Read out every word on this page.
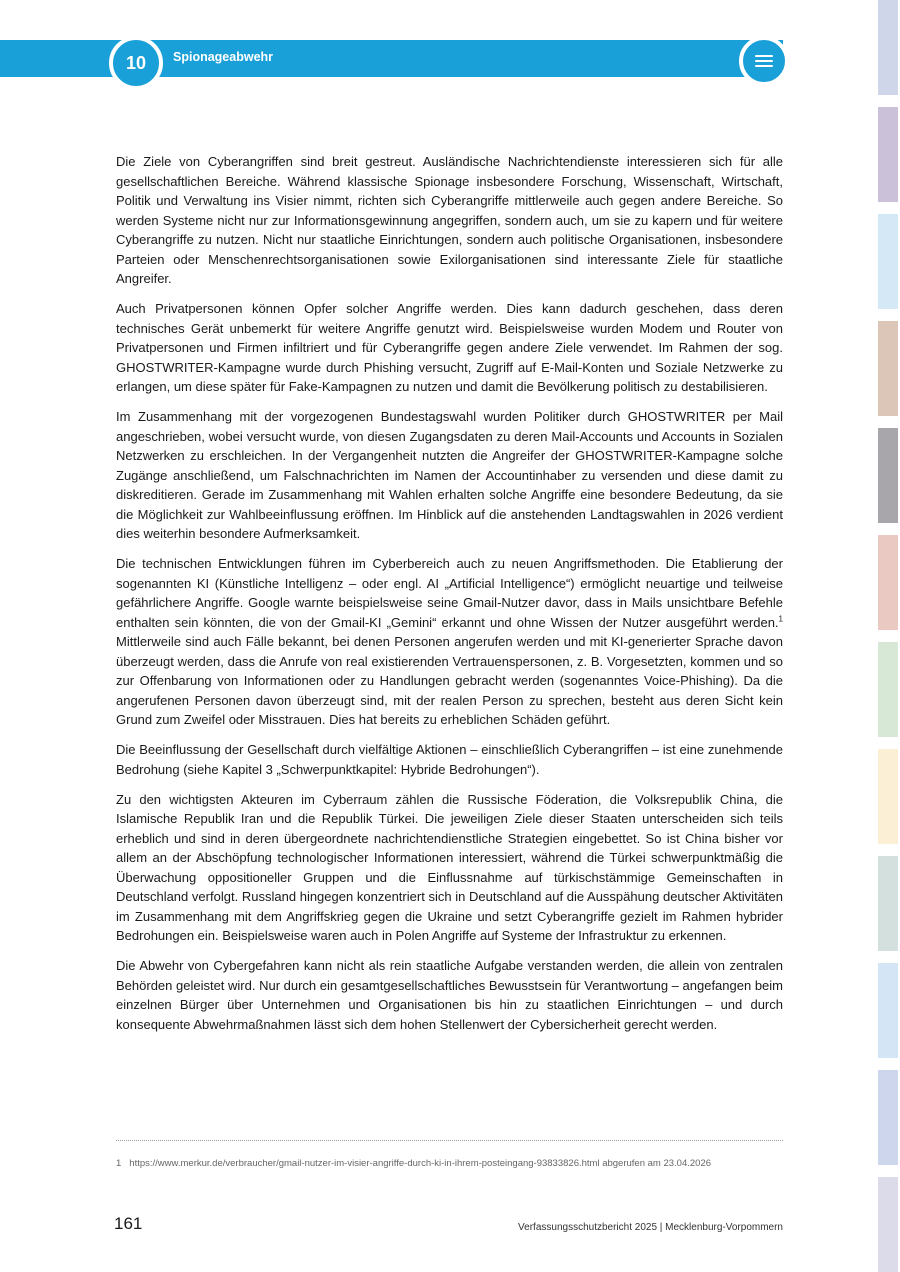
10	Spionageabwehr

Die Ziele von Cyberangriffen sind breit gestreut. Ausländische Nachrichtendienste interessieren sich für alle gesellschaftlichen Bereiche. Während klassische Spionage insbesondere Forschung, Wissenschaft, Wirtschaft, Politik und Verwaltung ins Visier nimmt, richten sich Cyberangriffe mittlerweile auch gegen andere Bereiche. So werden Systeme nicht nur zur Informationsgewinnung angegriffen, sondern auch, um sie zu kapern und für weitere Cyberangriffe zu nutzen. Nicht nur staatliche Einrichtungen, sondern auch politische Organisationen, insbesondere Parteien oder Menschenrechtsorganisationen sowie Exilorganisationen sind interessante Ziele für staatliche Angreifer.

Auch Privatpersonen können Opfer solcher Angriffe werden. Dies kann dadurch geschehen, dass deren technisches Gerät unbemerkt für weitere Angriffe genutzt wird. Beispielsweise wurden Modem und Router von Privatpersonen und Firmen infiltriert und für Cyberangriffe gegen andere Ziele verwendet. Im Rahmen der sog. GHOSTWRITER-Kampagne wurde durch Phishing versucht, Zugriff auf E-Mail-Konten und Soziale Netzwerke zu erlangen, um diese später für Fake-Kampagnen zu nutzen und damit die Bevölkerung politisch zu destabilisieren.

Im Zusammenhang mit der vorgezogenen Bundestagswahl wurden Politiker durch GHOSTWRITER per Mail angeschrieben, wobei versucht wurde, von diesen Zugangsdaten zu deren Mail-Accounts und Accounts in Sozialen Netzwerken zu erschleichen. In der Vergangenheit nutzten die Angreifer der GHOSTWRITER-Kampagne solche Zugänge anschließend, um Falschnachrichten im Namen der Accountinhaber zu versenden und diese damit zu diskreditieren. Gerade im Zusammenhang mit Wahlen erhalten solche Angriffe eine besondere Bedeutung, da sie die Möglichkeit zur Wahlbeeinflussung eröffnen. Im Hinblick auf die anstehenden Landtagswahlen in 2026 verdient dies weiterhin besondere Aufmerksamkeit.

Die technischen Entwicklungen führen im Cyberbereich auch zu neuen Angriffsmethoden. Die Etablierung der sogenannten KI (Künstliche Intelligenz – oder engl. AI „Artificial Intelligence“) ermöglicht neuartige und teilweise gefährlichere Angriffe. Google warnte beispielsweise seine Gmail-Nutzer davor, dass in Mails unsichtbare Befehle enthalten sein könnten, die von der Gmail-KI „Gemini“ erkannt und ohne Wissen der Nutzer ausgeführt werden.$^1$ Mittlerweile sind auch Fälle bekannt, bei denen Personen angerufen werden und mit KI-generierter Sprache davon überzeugt werden, dass die Anrufe von real existierenden Vertrauenspersonen, z. B. Vorgesetzten, kommen und so zur Offenbarung von Informationen oder zu Handlungen gebracht werden (sogenanntes Voice-Phishing). Da die angerufenen Personen davon überzeugt sind, mit der realen Person zu sprechen, besteht aus deren Sicht kein Grund zum Zweifel oder Misstrauen. Dies hat bereits zu erheblichen Schäden geführt.

Die Beeinflussung der Gesellschaft durch vielfältige Aktionen – einschließlich Cyberangriffen – ist eine zunehmende Bedrohung (siehe Kapitel 3 „Schwerpunktkapitel: Hybride Bedrohungen“).

Zu den wichtigsten Akteuren im Cyberraum zählen die Russische Föderation, die Volksrepublik China, die Islamische Republik Iran und die Republik Türkei. Die jeweiligen Ziele dieser Staaten unterscheiden sich teils erheblich und sind in deren übergeordnete nachrichtendienstliche Strategien eingebettet. So ist China bisher vor allem an der Abschöpfung technologischer Informationen interessiert, während die Türkei schwerpunktmäßig die Überwachung oppositioneller Gruppen und die Einflussnahme auf türkischstämmige Gemeinschaften in Deutschland verfolgt. Russland hingegen konzentriert sich in Deutschland auf die Ausspähung deutscher Aktivitäten im Zusammenhang mit dem Angriffskrieg gegen die Ukraine und setzt Cyberangriffe gezielt im Rahmen hybrider Bedrohungen ein. Beispielsweise waren auch in Polen Angriffe auf Systeme der Infrastruktur zu erkennen.

Die Abwehr von Cybergefahren kann nicht als rein staatliche Aufgabe verstanden werden, die allein von zentralen Behörden geleistet wird. Nur durch ein gesamtgesellschaftliches Bewusstsein für Verantwortung – angefangen beim einzelnen Bürger über Unternehmen und Organisationen bis hin zu staatlichen Einrichtungen – und durch konsequente Abwehrmaßnahmen lässt sich dem hohen Stellenwert der Cybersicherheit gerecht werden.

1 https://www.merkur.de/verbraucher/gmail-nutzer-im-visier-angriffe-durch-ki-in-ihrem-posteingang-93833826.html abgerufen am 23.04.2026
161	Verfassungsschutzbericht 2025 | Mecklenburg-Vorpommern
